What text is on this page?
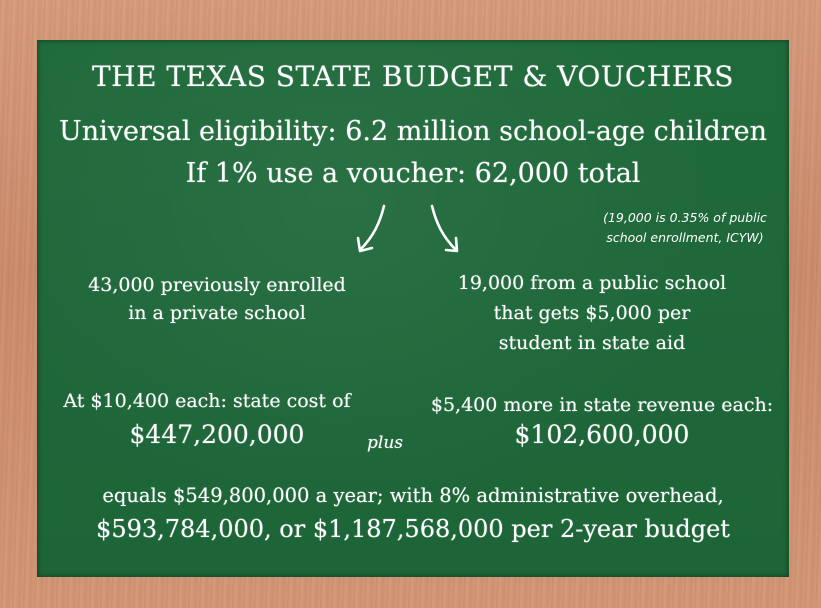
THE TEXAS STATE BUDGET & VOUCHERS
Universal eligibility: 6.2 million school-age children
If 1% use a voucher: 62,000 total
(19,000 is 0.35% of public school enrollment, ICYW)
43,000 previously enrolled
in a private school
19,000 from a public school
that gets $5,000 per
student in state aid
At $10,400 each: state cost of
$447,200,000	plus
$5,400 more in state revenue each:
$102,600,000
equals $549,800,000 a year; with 8% administrative overhead,
$593,784,000, or $1,187,568,000 per 2-year budget
